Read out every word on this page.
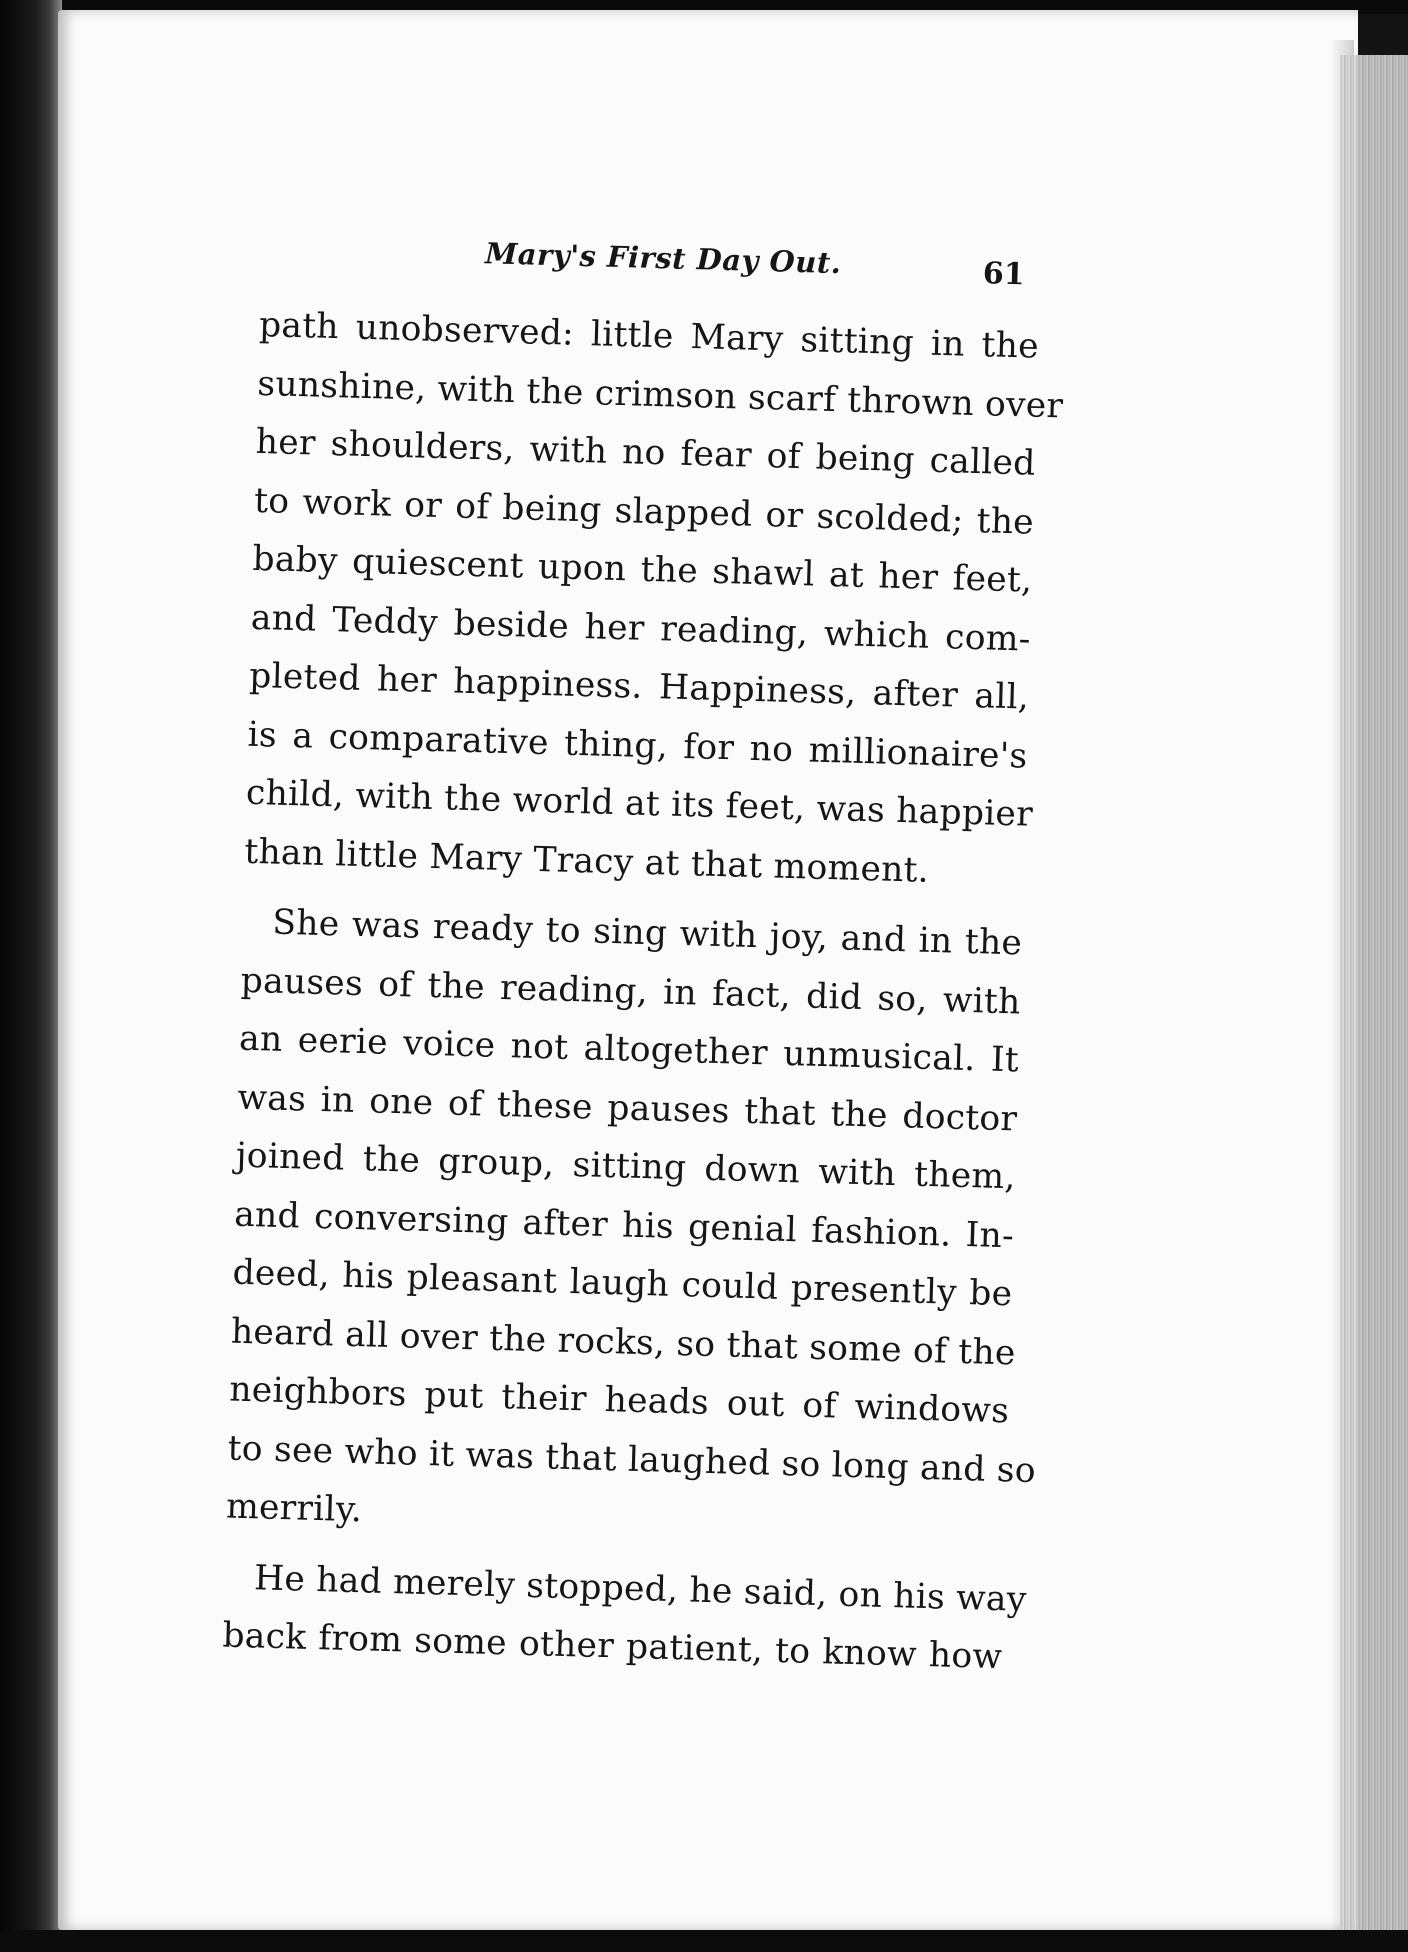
Mary's First Day Out.	61
path unobserved: little Mary sitting in the
sunshine, with the crimson scarf thrown over
her shoulders, with no fear of being called
to work or of being slapped or scolded; the
baby quiescent upon the shawl at her feet,
and Teddy beside her reading, which com-
pleted her happiness. Happiness, after all,
is a comparative thing, for no millionaire's
child, with the world at its feet, was happier
than little Mary Tracy at that moment.
She was ready to sing with joy, and in the
pauses of the reading, in fact, did so, with
an eerie voice not altogether unmusical. It
was in one of these pauses that the doctor
joined the group, sitting down with them,
and conversing after his genial fashion. In-
deed, his pleasant laugh could presently be
heard all over the rocks, so that some of the
neighbors put their heads out of windows
to see who it was that laughed so long and so
merrily.
He had merely stopped, he said, on his way
back from some other patient, to know how
